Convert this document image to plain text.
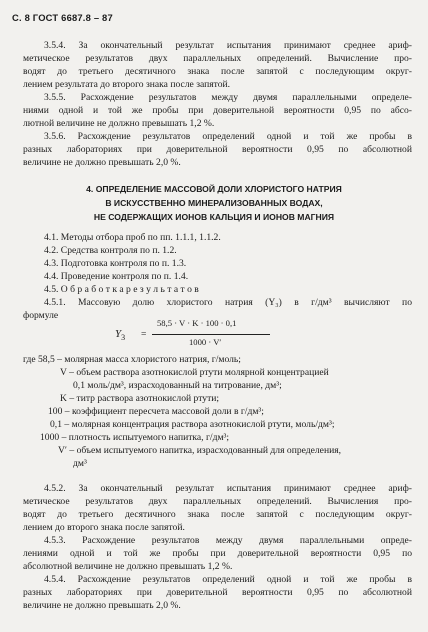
С. 8 ГОСТ 6687.8 – 87
3.5.4. За окончательный результат испытания принимают среднее ариф-
метическое результатов двух параллельных определений. Вычисление про-
водят до третьего десятичного знака после запятой с последующим округ-
лением результата до второго знака после запятой.
3.5.5. Расхождение результатов между двумя параллельными определе-
ниями одной и той же пробы при доверительной вероятности 0,95 по абсо-
лютной величине не должно превышать 1,2 %.
3.5.6. Расхождение результатов определений одной и той же пробы в
разных лабораториях при доверительной вероятности 0,95 по абсолютной
величине не должно превышать 2,0 %.
4. ОПРЕДЕЛЕНИЕ МАССОВОЙ ДОЛИ ХЛОРИСТОГО НАТРИЯ
В ИСКУССТВЕННО МИНЕРАЛИЗОВАННЫХ ВОДАХ,
НЕ СОДЕРЖАЩИХ ИОНОВ КАЛЬЦИЯ И ИОНОВ МАГНИЯ
4.1. Методы отбора проб по пп. 1.1.1, 1.1.2.
4.2. Средства контроля по п. 1.2.
4.3. Подготовка контроля по п. 1.3.
4.4. Проведение контроля по п. 1.4.
4.5. О б р а б о т к а р е з у л ь т а т о в
4.5.1. Массовую долю хлористого натрия (Y₃) в г/дм³ вычисляют по
формуле
$Y_3$ =
58,5 · V · K · 100 · 0,1
1000 · V′
где 58,5 – молярная масса хлористого натрия, г/моль;
V – объем раствора азотнокислой ртути молярной концентрацией
0,1 моль/дм³, израсходованный на титрование, дм³;
K – титр раствора азотнокислой ртути;
100 – коэффициент пересчета массовой доли в г/дм³;
0,1 – молярная концентрация раствора азотнокислой ртути, моль/дм³;
1000 – плотность испытуемого напитка, г/дм³;
V′ – объем испытуемого напитка, израсходованный для определения,
дм³
4.5.2. За окончательный результат испытания принимают среднее ариф-
метическое результатов двух параллельных определений. Вычисления про-
водят до третьего десятичного знака после запятой с последующим округ-
лением до второго знака после запятой.
4.5.3. Расхождение результатов между двумя параллельными опреде-
лениями одной и той же пробы при доверительной вероятности 0,95 по
абсолютной величине не должно превышать 1,2 %.
4.5.4. Расхождение результатов определений одной и той же пробы в
разных лабораториях при доверительной вероятности 0,95 по абсолютной
величине не должно превышать 2,0 %.
